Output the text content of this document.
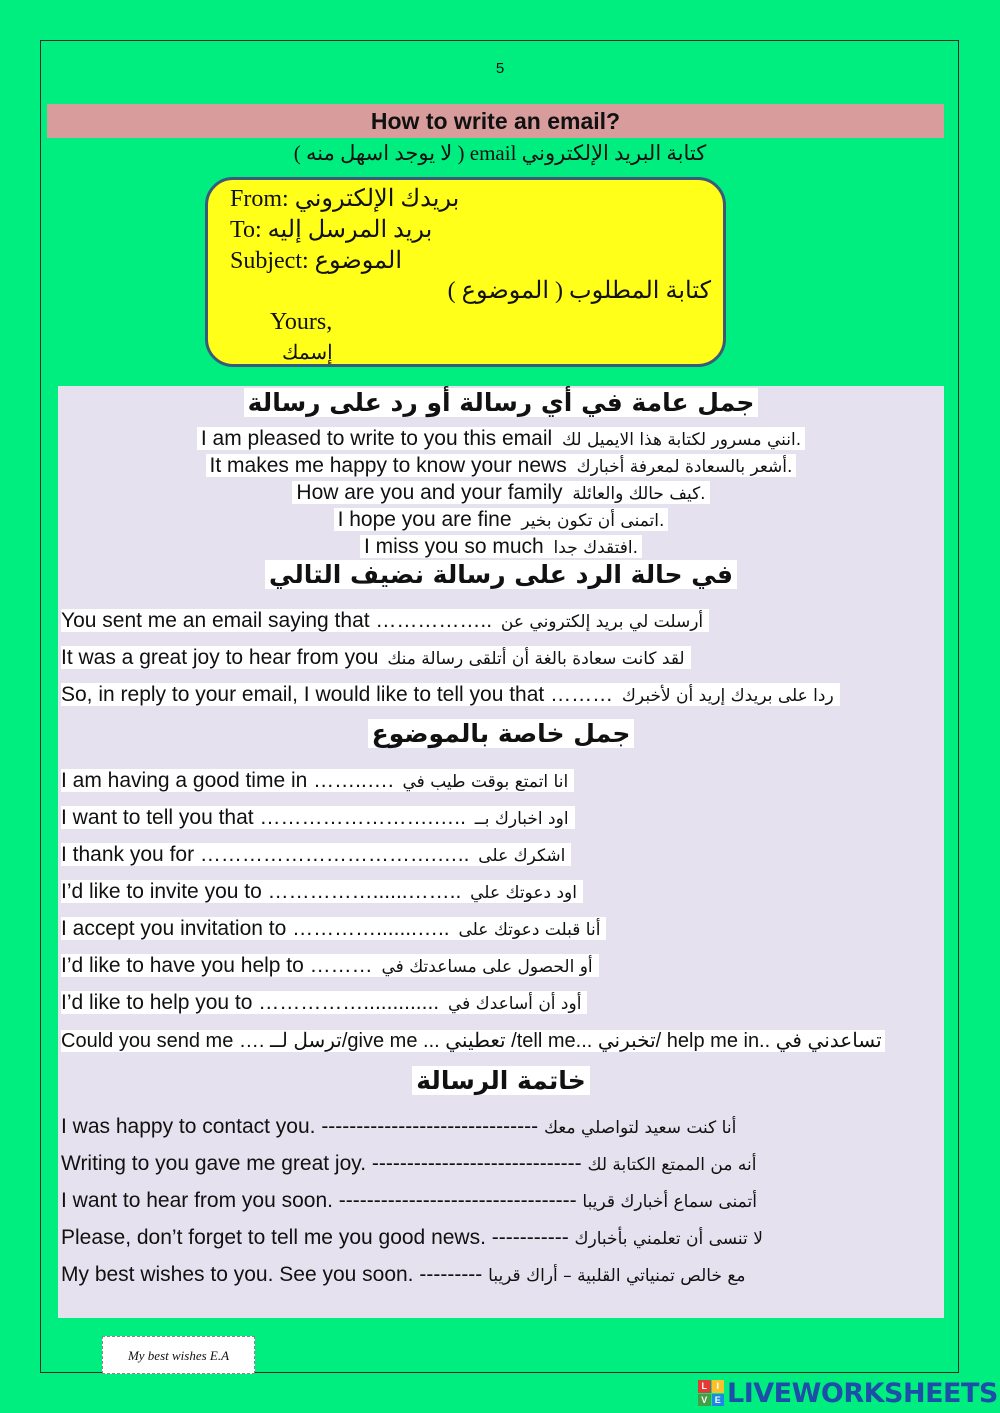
5
How to write an email?
كتابة البريد الإلكتروني email ( لا يوجد اسهل منه )
From: بريدك الإلكتروني
To: بريد المرسل إليه
Subject: الموضوع
كتابة المطلوب ( الموضوع )
Yours,
إسمك
جمل عامة في أي رسالة أو رد على رسالة
I am pleased to write to you this email انني مسرور لكتابة هذا الايميل لك.
It makes me happy to know your news أشعر بالسعادة لمعرفة أخبارك.
How are you and your family كيف حالك والعائلة.
I hope you are fine اتمنى أن تكون بخير.
I miss you so much افتقدك جدا.
في حالة الرد على رسالة نضيف التالي
You sent me an email saying that …………….. أرسلت لي بريد إلكتروني عن
It was a great joy to hear from you لقد كانت سعادة بالغة أن أتلقى رسالة منك
So, in reply to your email, I would like to tell you that ……… ردا على بريدك إريد أن لأخبرك
جمل خاصة بالموضوع
I am having a good time in ……..…. انا اتمتع بوقت طيب في
I want to tell you that …………………….….. اود اخبارك بــ
I thank you for …………………………….….. اشكرك على
I’d like to invite you to ……………......…….. اود دعوتك علي
I accept you invitation to ………….......….. أنا قبلت دعوتك على
I’d like to have you help to ……… أو الحصول على مساعدتك في
I’d like to help you to ……………............. أود أن أساعدك في
Could you send me …. ترسل لــ/give me ... تعطيني /tell me... تخبرني/ help me in.. تساعدني في
خاتمة الرسالة
I was happy to contact you. ------------------------------- أنا كنت سعيد لتواصلي معك
Writing to you gave me great joy. ------------------------------ أنه من الممتع الكتابة لك
I want to hear from you soon. ---------------------------------- أتمنى سماع أخبارك قريبا
Please, don’t forget to tell me you good news. ----------- لا تنسى أن تعلمني بأخبارك
My best wishes to you. See you soon. --------- مع خالص تمنياتي القلبية – أراك قريبا
My best wishes E.A
L	I
V E LIVEWORKSHEETS
